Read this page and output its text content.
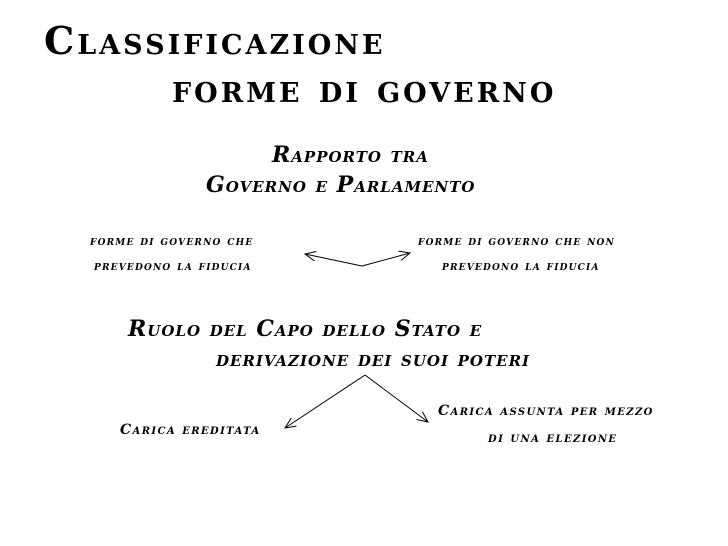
Classificazione
forme di governo
Rapporto tra
Governo e Parlamento
forme di governo che
prevedono la fiducia
forme di governo che non
prevedono la fiducia
Ruolo del Capo dello Stato e
derivazione dei suoi poteri
Carica ereditata
Carica assunta per mezzo
di una elezione
